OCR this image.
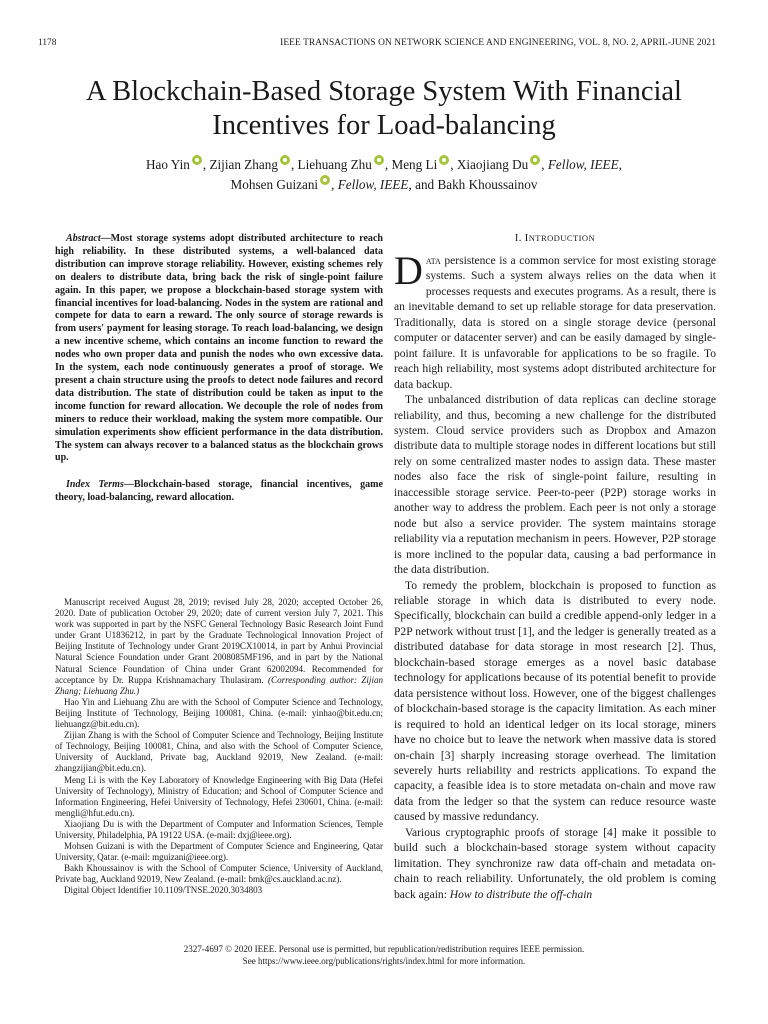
1178	IEEE TRANSACTIONS ON NETWORK SCIENCE AND ENGINEERING, VOL. 8, NO. 2, APRIL-JUNE 2021
A Blockchain-Based Storage System With Financial
Incentives for Load-balancing
Hao Yin , Zijian Zhang , Liehuang Zhu , Meng Li , Xiaojiang Du , Fellow, IEEE,
Mohsen Guizani , Fellow, IEEE, and Bakh Khoussainov

Abstract—Most storage systems adopt distributed architecture to reach high reliability. In these distributed systems, a well-balanced data distribution can improve storage reliability. However, existing schemes rely on dealers to distribute data, bring back the risk of single-point failure again. In this paper, we propose a blockchain-based storage system with financial incentives for load-balancing. Nodes in the system are rational and compete for data to earn a reward. The only source of storage rewards is from users' payment for leasing storage. To reach load-balancing, we design a new incentive scheme, which contains an income function to reward the nodes who own proper data and punish the nodes who own excessive data. In the system, each node continuously generates a proof of storage. We present a chain structure using the proofs to detect node failures and record data distribution. The state of distribution could be taken as input to the income function for reward allocation. We decouple the role of nodes from miners to reduce their workload, making the system more compatible. Our simulation experiments show efficient performance in the data distribution. The system can always recover to a balanced status as the blockchain grows up.

Index Terms—Blockchain-based storage, financial incentives, game theory, load-balancing, reward allocation.

Manuscript received August 28, 2019; revised July 28, 2020; accepted October 26, 2020. Date of publication October 29, 2020; date of current version July 7, 2021. This work was supported in part by the NSFC General Technology Basic Research Joint Fund under Grant U1836212, in part by the Graduate Technological Innovation Project of Beijing Institute of Technology under Grant 2019CX10014, in part by Anhui Provincial Natural Science Foundation under Grant 2008085MF196, and in part by the National Natural Science Foundation of China under Grant 62002094. Recommended for acceptance by Dr. Ruppa Krishnamachary Thulasiram. (Corresponding author: Zijian Zhang; Liehuang Zhu.)

Hao Yin and Liehuang Zhu are with the School of Computer Science and Technology, Beijing Institute of Technology, Beijing 100081, China. (e-mail: yinhao@bit.edu.cn; liehuangz@bit.edu.cn).

Zijian Zhang is with the School of Computer Science and Technology, Beijing Institute of Technology, Beijing 100081, China, and also with the School of Computer Science, University of Auckland, Private bag, Auckland 92019, New Zealand. (e-mail: zhangzijian@bit.edu.cn).

Meng Li is with the Key Laboratory of Knowledge Engineering with Big Data (Hefei University of Technology), Ministry of Education; and School of Computer Science and Information Engineering, Hefei University of Technology, Hefei 230601, China. (e-mail: mengli@hfut.edu.cn).

Xiaojiang Du is with the Department of Computer and Information Sciences, Temple University, Philadelphia, PA 19122 USA. (e-mail: dxj@ieee.org).

Mohsen Guizani is with the Department of Computer Science and Engineering, Qatar University, Qatar. (e-mail: mguizani@ieee.org).

Bakh Khoussainov is with the School of Computer Science, University of Auckland, Private bag, Auckland 92019, New Zealand. (e-mail: bmk@cs.auckland.ac.nz).

Digital Object Identifier 10.1109/TNSE.2020.3034803

I. INTRODUCTION

Data persistence is a common service for most existing storage systems. Such a system always relies on the data when it processes requests and executes programs. As a result, there is an inevitable demand to set up reliable storage for data preservation. Traditionally, data is stored on a single storage device (personal computer or datacenter server) and can be easily damaged by single-point failure. It is unfavorable for applications to be so fragile. To reach high reliability, most systems adopt distributed architecture for data backup.

The unbalanced distribution of data replicas can decline storage reliability, and thus, becoming a new challenge for the distributed system. Cloud service providers such as Dropbox and Amazon distribute data to multiple storage nodes in different locations but still rely on some centralized master nodes to assign data. These master nodes also face the risk of single-point failure, resulting in inaccessible storage service. Peer-to-peer (P2P) storage works in another way to address the problem. Each peer is not only a storage node but also a service provider. The system maintains storage reliability via a reputation mechanism in peers. However, P2P storage is more inclined to the popular data, causing a bad performance in the data distribution.

To remedy the problem, blockchain is proposed to function as reliable storage in which data is distributed to every node. Specifically, blockchain can build a credible append-only ledger in a P2P network without trust [1], and the ledger is generally treated as a distributed database for data storage in most research [2]. Thus, blockchain-based storage emerges as a novel basic database technology for applications because of its potential benefit to provide data persistence without loss. However, one of the biggest challenges of blockchain-based storage is the capacity limitation. As each miner is required to hold an identical ledger on its local storage, miners have no choice but to leave the network when massive data is stored on-chain [3] sharply increasing storage overhead. The limitation severely hurts reliability and restricts applications. To expand the capacity, a feasible idea is to store metadata on-chain and move raw data from the ledger so that the system can reduce resource waste caused by massive redundancy.

Various cryptographic proofs of storage [4] make it possible to build such a blockchain-based storage system without capacity limitation. They synchronize raw data off-chain and metadata on-chain to reach reliability. Unfortunately, the old problem is coming back again: How to distribute the off-chain

2327-4697 © 2020 IEEE. Personal use is permitted, but republication/redistribution requires IEEE permission.
See https://www.ieee.org/publications/rights/index.html for more information.
